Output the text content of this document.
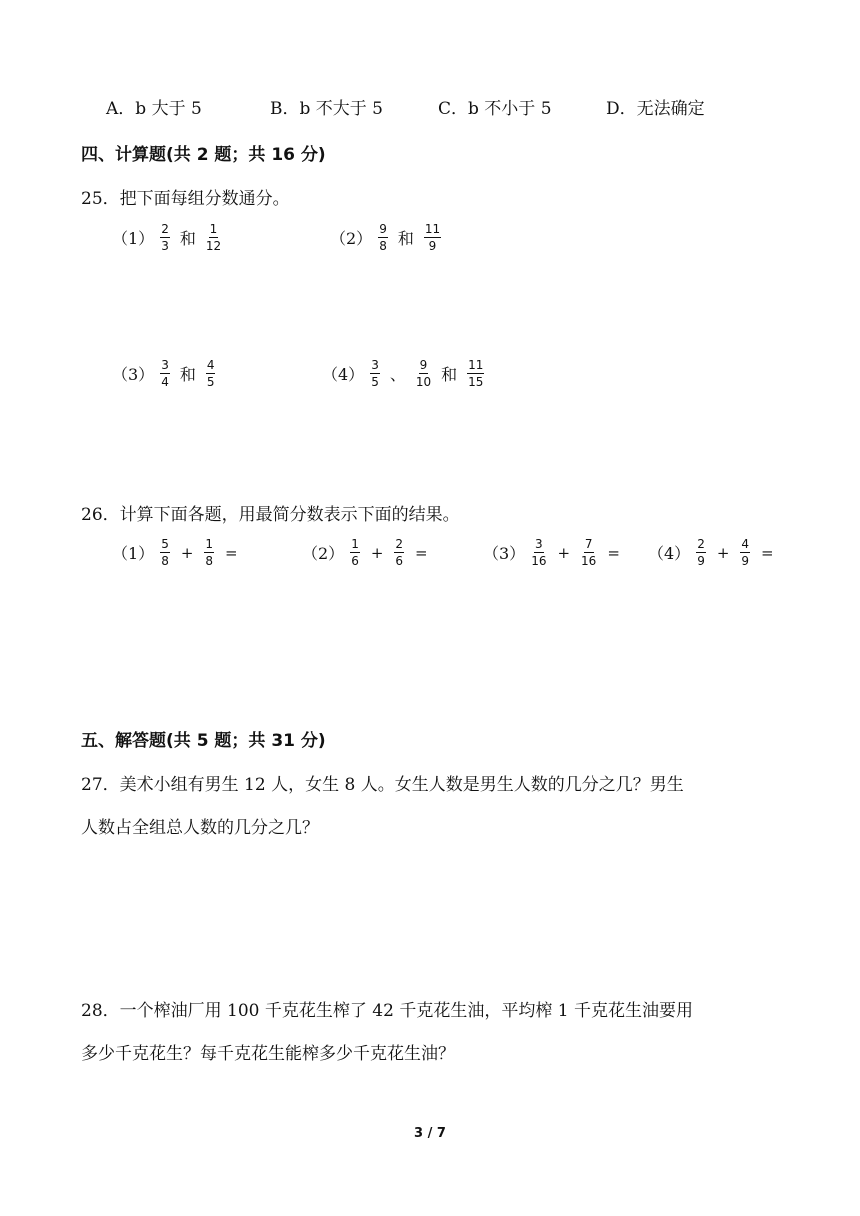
A．b 大于 5	B．b 不大于 5	C．b 不小于 5	D．无法确定
四、计算题(共 2 题；共 16 分)
25．把下面每组分数通分。
$(1) \frac{2}{3}$ 和 $\frac{1}{12}$	$(2) \frac{9}{8}$ 和 $\frac{11}{9}$
$(3) \frac{3}{4}$ 和 $\frac{4}{5}$	$(4) \frac{3}{5}$ 、 $\frac{9}{10}$ 和 $\frac{11}{15}$
26．计算下面各题，用最简分数表示下面的结果。
$(1) \frac{5}{8} + \frac{1}{8}$ =	$(2) \frac{1}{6} + \frac{2}{6}$ =	$(3) \frac{3}{16} + \frac{7}{16} = (4) \frac{2}{9} + \frac{4}{9}$ =
五、解答题(共 5 题；共 31 分)
27．美术小组有男生 12 人，女生 8 人。女生人数是男生人数的几分之几？男生
人数占全组总人数的几分之几？
28．一个榨油厂用 100 千克花生榨了 42 千克花生油，平均榨 1 千克花生油要用
多少千克花生？每千克花生能榨多少千克花生油？
3 / 7
